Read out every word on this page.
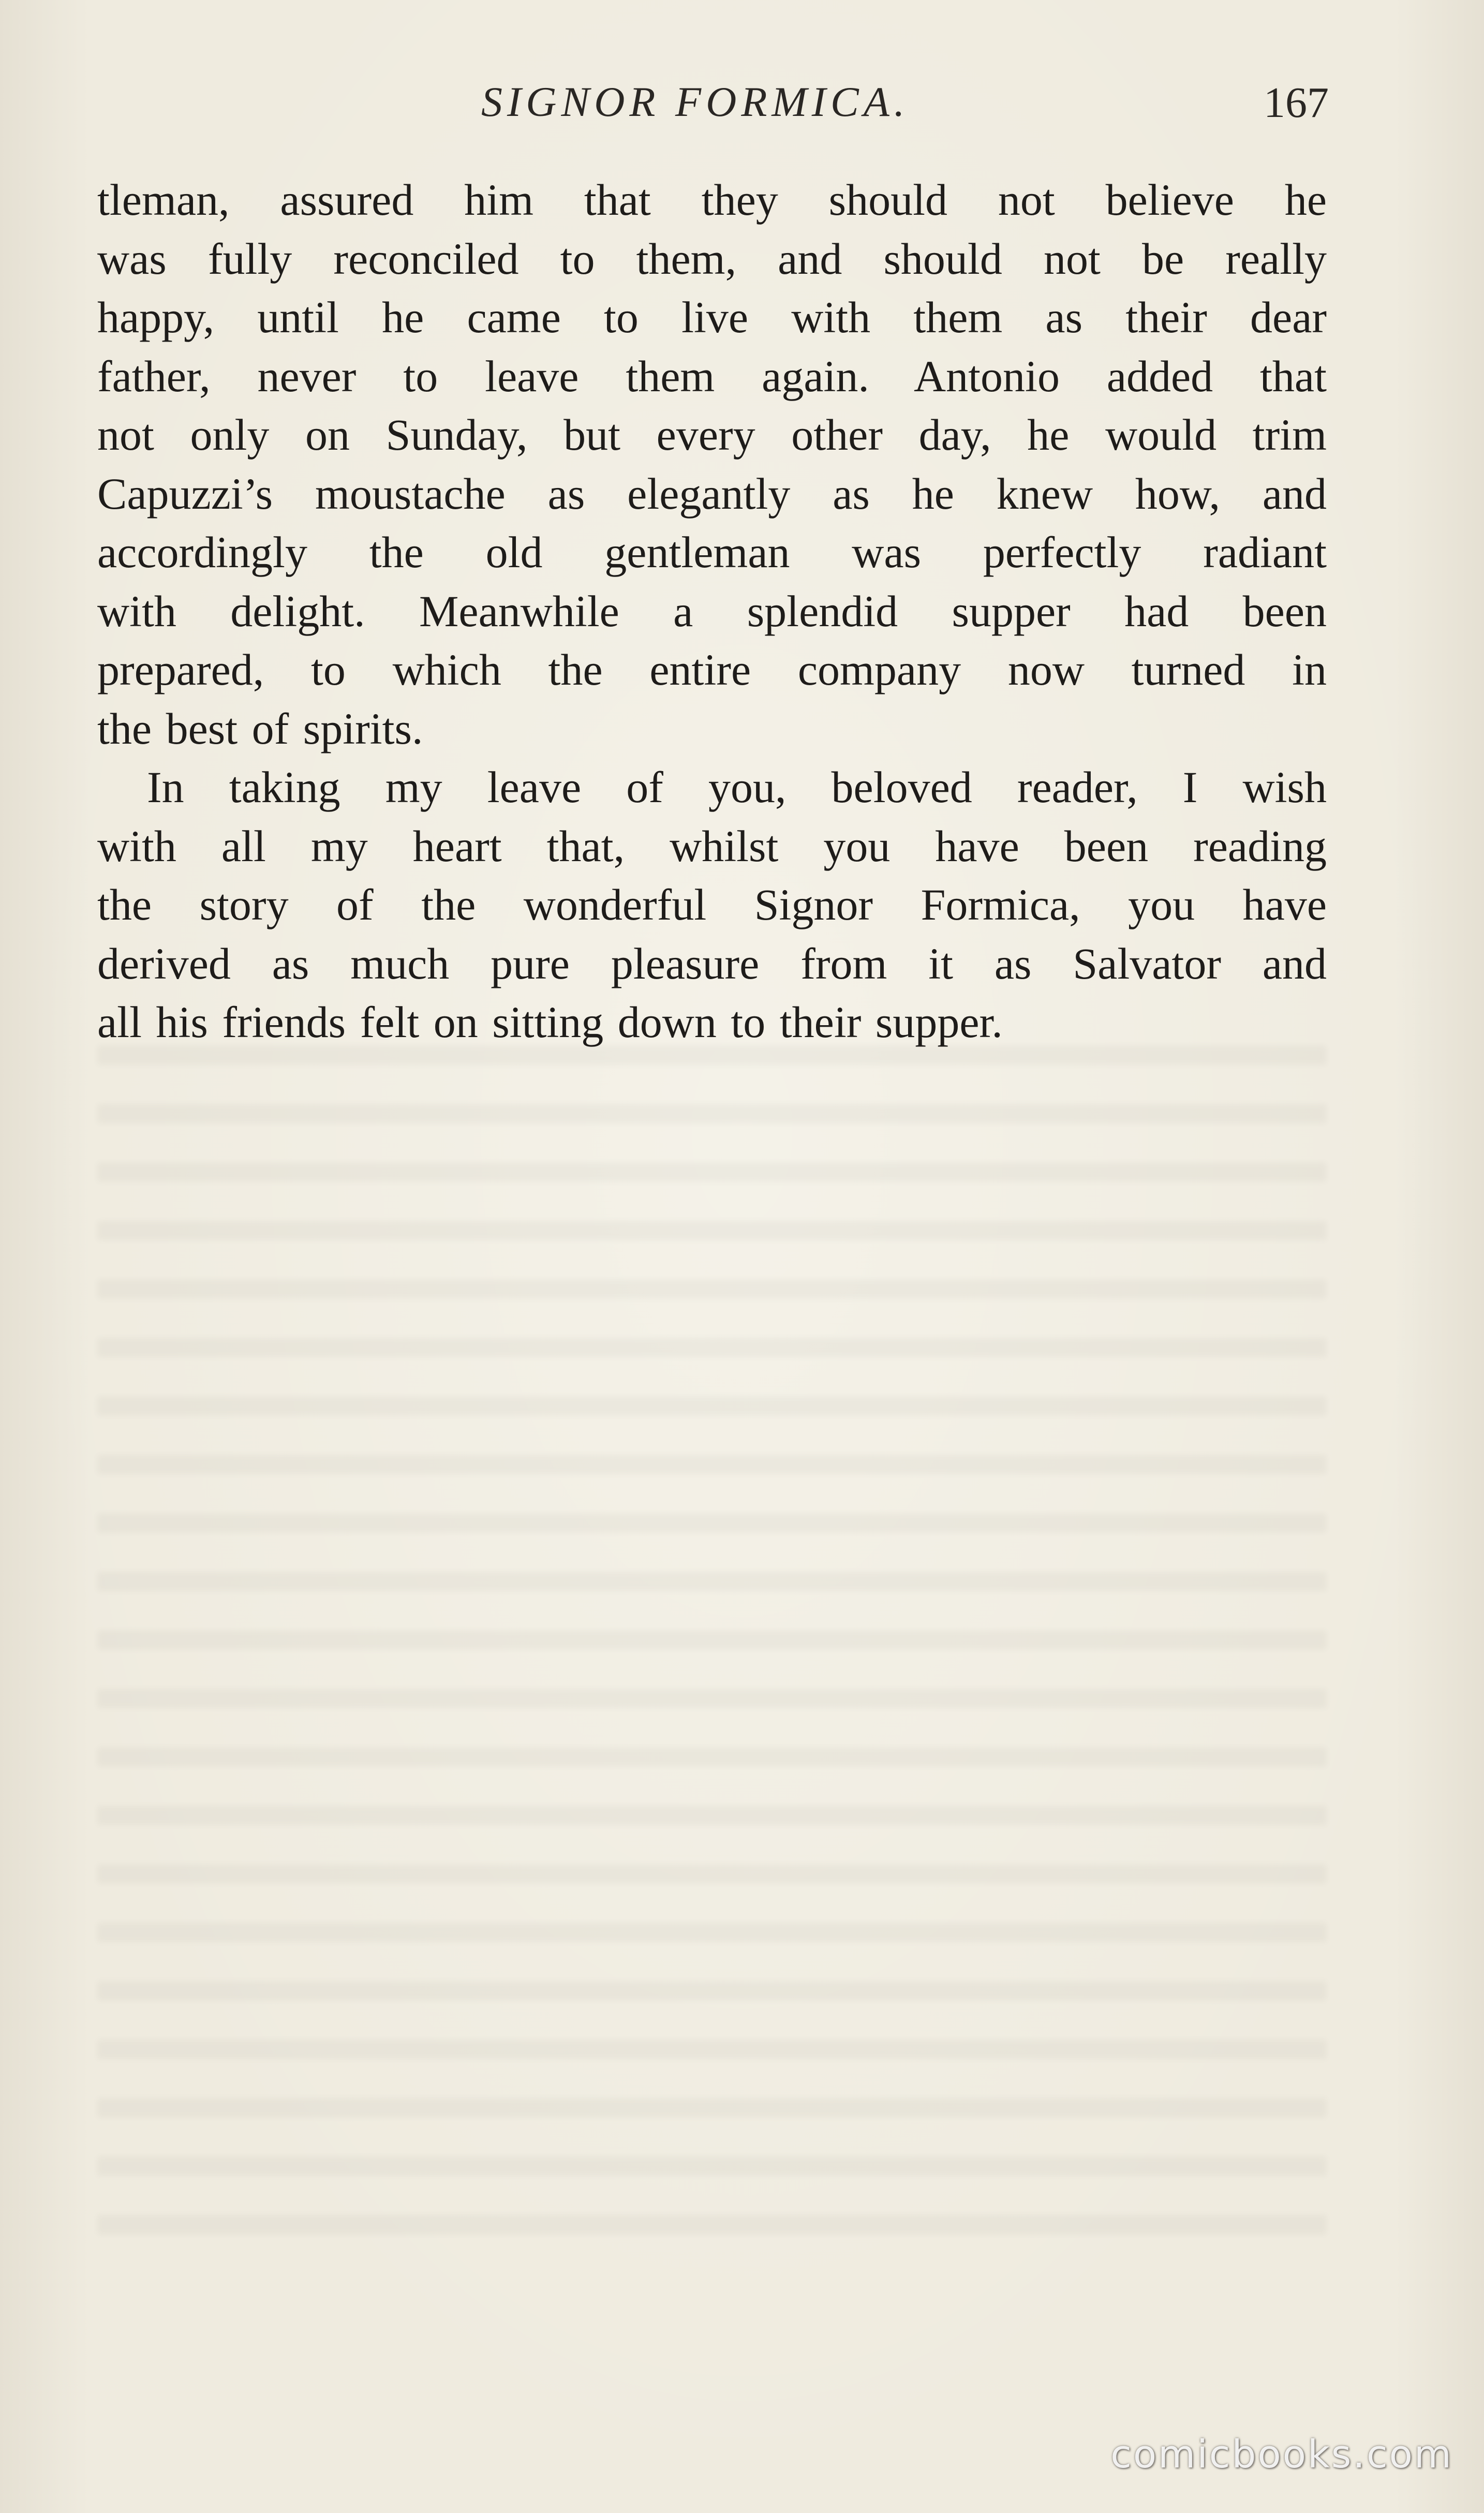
SIGNOR FORMICA.	167
tleman, assured him that they should not believe he
was fully reconciled to them, and should not be really
happy, until he came to live with them as their dear
father, never to leave them again. Antonio added that
not only on Sunday, but every other day, he would trim
Capuzzi’s moustache as elegantly as he knew how, and
accordingly the old gentleman was perfectly radiant
with delight. Meanwhile a splendid supper had been
prepared, to which the entire company now turned in
the best of spirits.
In taking my leave of you, beloved reader, I wish
with all my heart that, whilst you have been reading
the story of the wonderful Signor Formica, you have
derived as much pure pleasure from it as Salvator and
all his friends felt on sitting down to their supper.
comicbooks.com
